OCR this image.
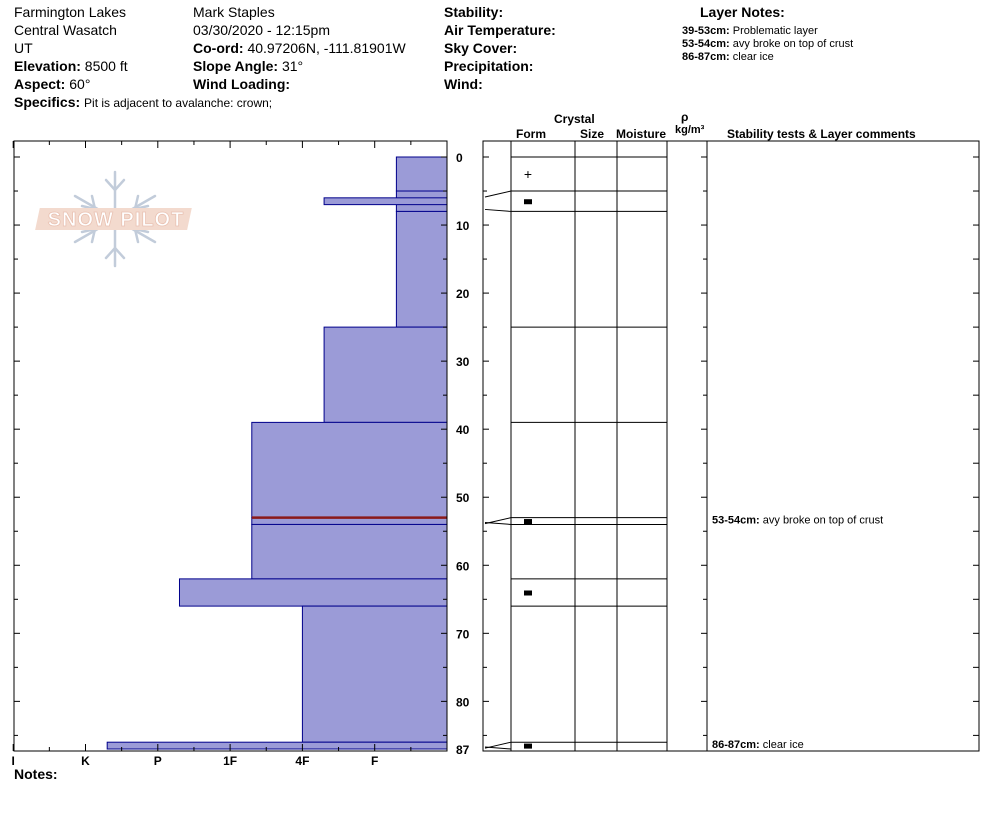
Farmington Lakes
Central Wasatch
UT
Elevation: 8500 ft
Aspect: 60°
Specifics: Pit is adjacent to avalanche: crown;
Mark Staples
03/30/2020 - 12:15pm
Co-ord: 40.97206N, -111.81901W
Slope Angle: 31°
Wind Loading:
Stability:
Air Temperature:
Sky Cover:
Precipitation:
Wind:
Layer Notes:
39-53cm: Problematic layer
53-54cm: avy broke on top of crust
86-87cm: clear ice
Crystal
Form	Size Moisture
ρ
kg/m³ Stability tests & Layer comments
SNOW PILOT
0
10
20
30
40
50
60
70
80
87
I	K	P	1F	4F	F
+
53-54cm: avy broke on top of crust
86-87cm: clear ice
Notes:
